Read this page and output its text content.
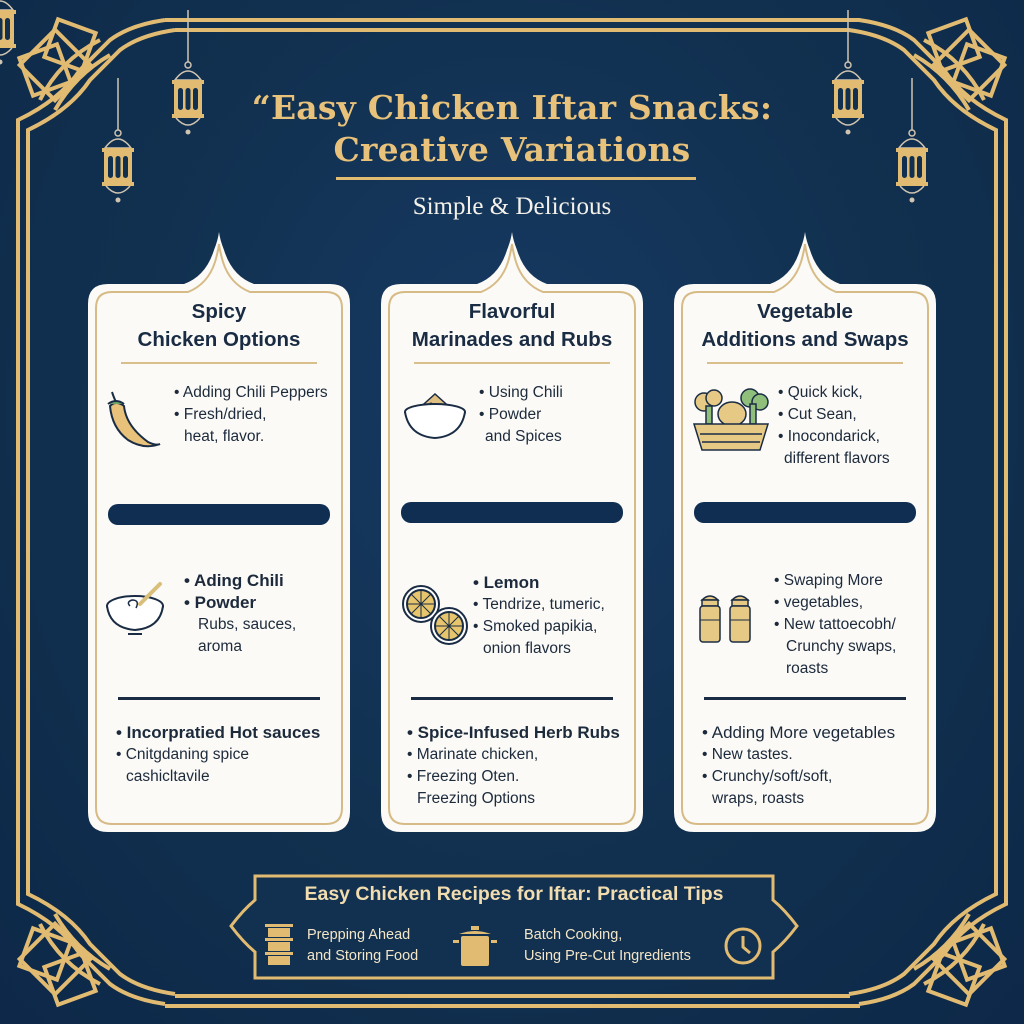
“Easy Chicken Iftar Snacks:
Creative Variations
Simple & Delicious
Spicy
Chicken Options
• Adding Chili Peppers
• Fresh/dried,
heat, flavor.
• Ading Chili
• Powder
Rubs, sauces,
aroma
• Incorpratied Hot sauces
• Cnitgdaning spice
cashicltavile
Flavorful
Marinades and Rubs
• Using Chili
• Powder
and Spices
• Lemon
• Tendrize, tumeric,
• Smoked papikia,
onion flavors
• Spice-Infused Herb Rubs
• Marinate chicken,
• Freezing Oten.
Freezing Options
Vegetable
Additions and Swaps
• Quick kick,
• Cut Sean,
• Inocondarick,
different flavors
• Swaping More
• vegetables,
• New tattoecobh/
Crunchy swaps,
roasts
• Adding More vegetables
• New tastes.
• Crunchy/soft/soft,
wraps, roasts
Easy Chicken Recipes for Iftar: Practical Tips
Prepping Ahead
and Storing Food
Batch Cooking,
Using Pre-Cut Ingredients
